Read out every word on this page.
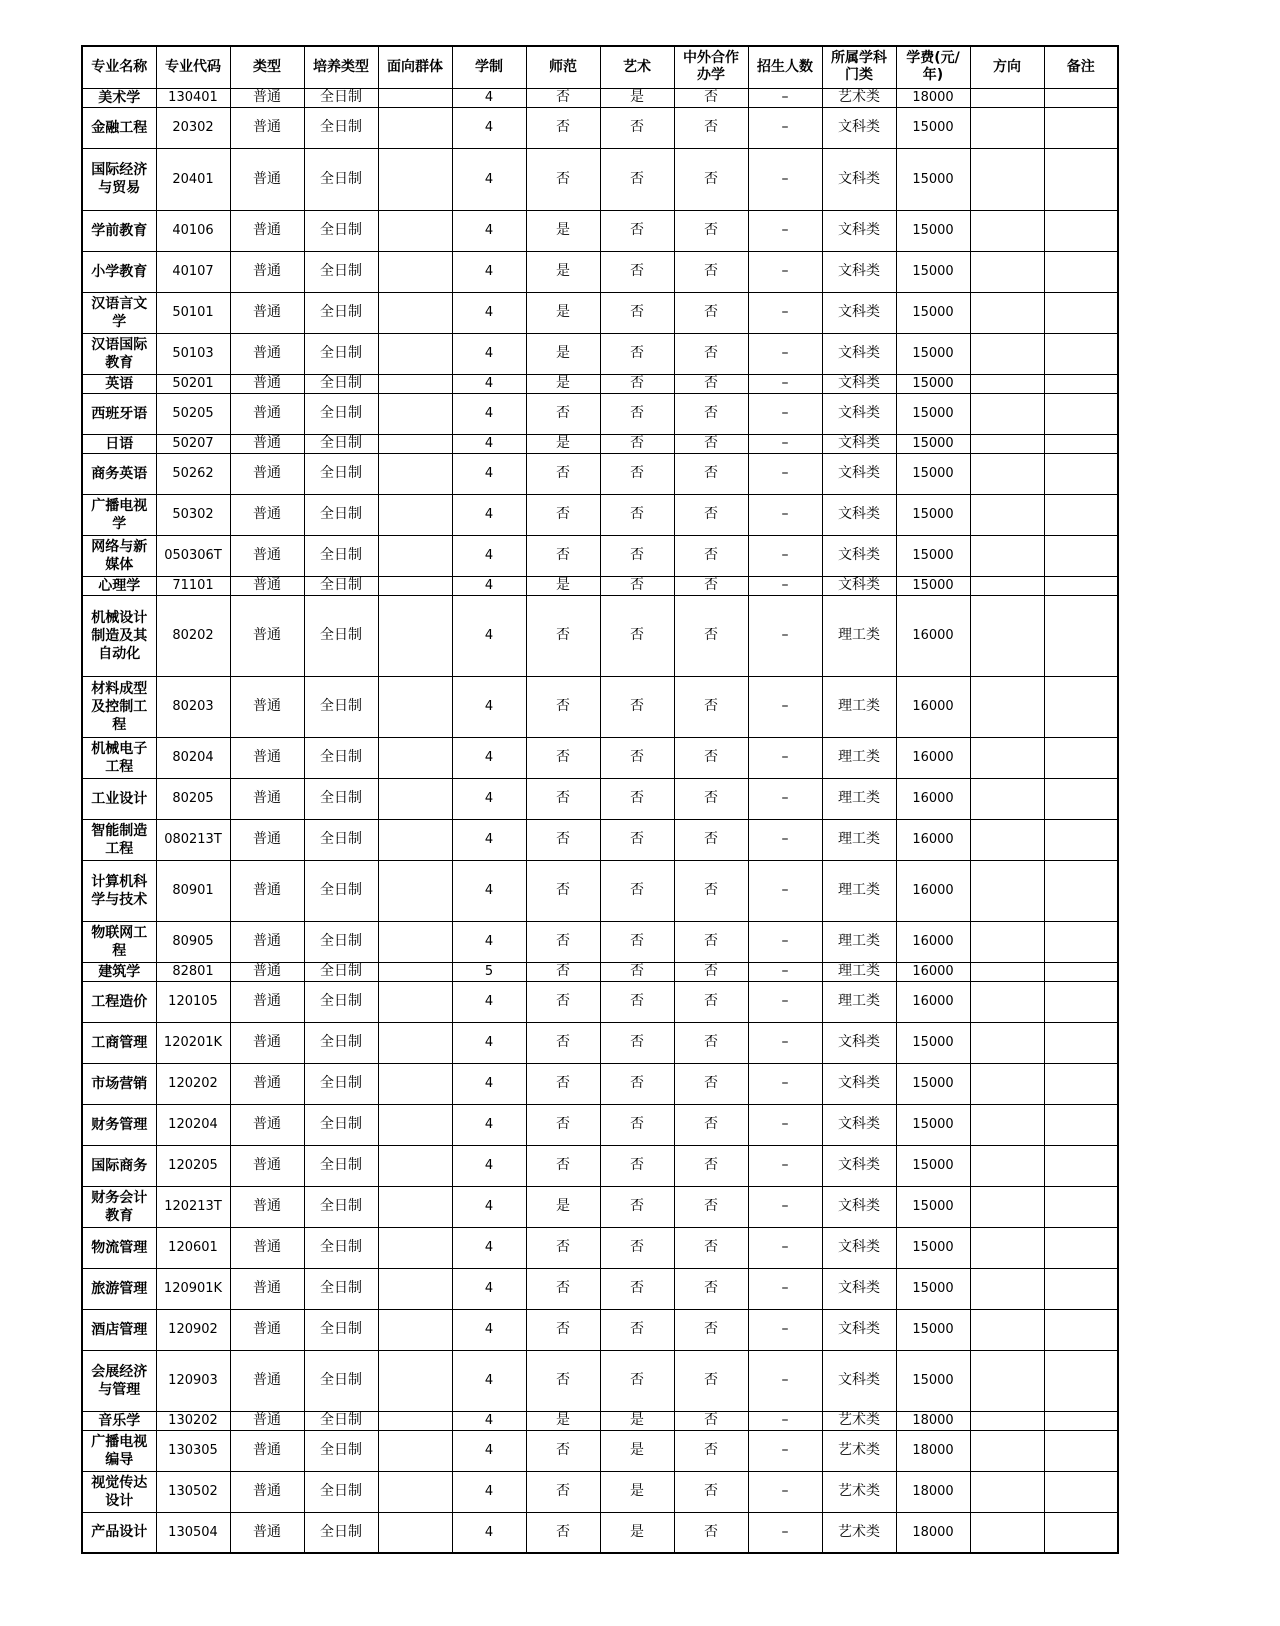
专业名称	专业代码	类型	培养类型	面向群体	学制	师范	艺术	中外合作办学	招生人数	所属学科门类	学费(元/年)	方向	备注
美术学	130401	普通	全日制		4	否	是	否	–	艺术类	18000		
金融工程	20302	普通	全日制		4	否	否	否	–	文科类	15000		
国际经济与贸易	20401	普通	全日制		4	否	否	否	–	文科类	15000		
学前教育	40106	普通	全日制		4	是	否	否	–	文科类	15000		
小学教育	40107	普通	全日制		4	是	否	否	–	文科类	15000		
汉语言文学	50101	普通	全日制		4	是	否	否	–	文科类	15000		
汉语国际教育	50103	普通	全日制		4	是	否	否	–	文科类	15000		
英语	50201	普通	全日制		4	是	否	否	–	文科类	15000		
西班牙语	50205	普通	全日制		4	否	否	否	–	文科类	15000		
日语	50207	普通	全日制		4	是	否	否	–	文科类	15000		
商务英语	50262	普通	全日制		4	否	否	否	–	文科类	15000		
广播电视学	50302	普通	全日制		4	否	否	否	–	文科类	15000		
网络与新媒体	050306T	普通	全日制		4	否	否	否	–	文科类	15000		
心理学	71101	普通	全日制		4	是	否	否	–	文科类	15000		
机械设计制造及其自动化	80202	普通	全日制		4	否	否	否	–	理工类	16000		
材料成型及控制工程	80203	普通	全日制		4	否	否	否	–	理工类	16000		
机械电子工程	80204	普通	全日制		4	否	否	否	–	理工类	16000		
工业设计	80205	普通	全日制		4	否	否	否	–	理工类	16000		
智能制造工程	080213T	普通	全日制		4	否	否	否	–	理工类	16000		
计算机科学与技术	80901	普通	全日制		4	否	否	否	–	理工类	16000		
物联网工程	80905	普通	全日制		4	否	否	否	–	理工类	16000		
建筑学	82801	普通	全日制		5	否	否	否	–	理工类	16000		
工程造价	120105	普通	全日制		4	否	否	否	–	理工类	16000		
工商管理	120201K	普通	全日制		4	否	否	否	–	文科类	15000		
市场营销	120202	普通	全日制		4	否	否	否	–	文科类	15000		
财务管理	120204	普通	全日制		4	否	否	否	–	文科类	15000		
国际商务	120205	普通	全日制		4	否	否	否	–	文科类	15000		
财务会计教育	120213T	普通	全日制		4	是	否	否	–	文科类	15000		
物流管理	120601	普通	全日制		4	否	否	否	–	文科类	15000		
旅游管理	120901K	普通	全日制		4	否	否	否	–	文科类	15000		
酒店管理	120902	普通	全日制		4	否	否	否	–	文科类	15000		
会展经济与管理	120903	普通	全日制		4	否	否	否	–	文科类	15000		
音乐学	130202	普通	全日制		4	是	是	否	–	艺术类	18000		
广播电视编导	130305	普通	全日制		4	否	是	否	–	艺术类	18000		
视觉传达设计	130502	普通	全日制		4	否	是	否	–	艺术类	18000		
产品设计	130504	普通	全日制		4	否	是	否	–	艺术类	18000		
